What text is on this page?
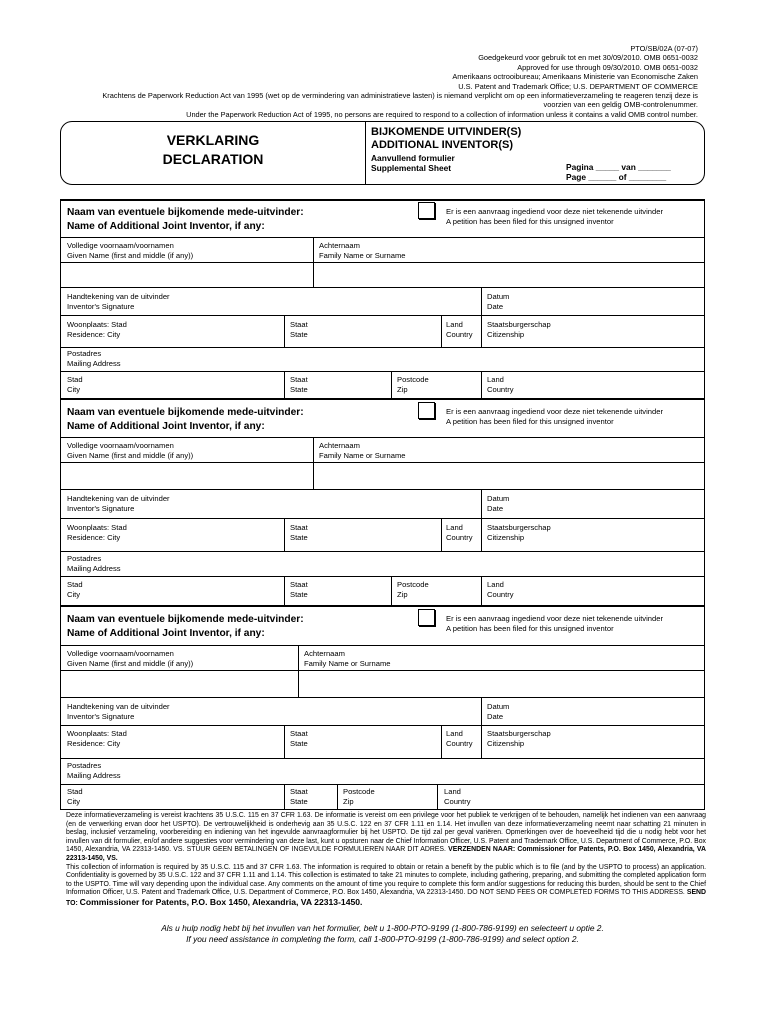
PTO/SB/02A (07-07)
Goedgekeurd voor gebruik tot en met 30/09/2010. OMB 0651-0032
Approved for use through 09/30/2010. OMB 0651-0032
Amerikaans octrooibureau; Amerikaans Ministerie van Economische Zaken
U.S. Patent and Trademark Office; U.S. DEPARTMENT OF COMMERCE
Krachtens de Paperwork Reduction Act van 1995 (wet op de vermindering van administratieve lasten) is niemand verplicht om op een informatieverzameling te reageren tenzij deze is
voorzien van een geldig OMB-controlenummer.
Under the Paperwork Reduction Act of 1995, no persons are required to respond to a collection of information unless it contains a valid OMB control number.
VERKLARING
DECLARATION
BIJKOMENDE UITVINDER(S)
ADDITIONAL INVENTOR(S)
Aanvullend formulier
Supplemental Sheet	Pagina _____ van _______
Page ______ of ________
Naam van eventuele bijkomende mede-uitvinder:
Name of Additional Joint Inventor, if any:
Er is een aanvraag ingediend voor deze niet tekenende uitvinder
A petition has been filed for this unsigned inventor
Volledige voornaam/voornamen
Given Name (first and middle (if any))
Achternaam
Family Name or Surname
Handtekening van de uitvinder
Inventor's Signature
Datum
Date
Woonplaats: Stad
Residence: City
Staat
State
Land
Country
Staatsburgerschap
Citizenship
Postadres
Mailing Address
Stad
City
Staat
State
Postcode
Zip
Land
Country
Naam van eventuele bijkomende mede-uitvinder:
Name of Additional Joint Inventor, if any:
Er is een aanvraag ingediend voor deze niet tekenende uitvinder
A petition has been filed for this unsigned inventor
Volledige voornaam/voornamen
Given Name (first and middle (if any))
Achternaam
Family Name or Surname
Handtekening van de uitvinder
Inventor's Signature
Datum
Date
Woonplaats: Stad
Residence: City
Staat
State
Land
Country
Staatsburgerschap
Citizenship
Postadres
Mailing Address
Stad
City
Staat
State
Postcode
Zip
Land
Country
Naam van eventuele bijkomende mede-uitvinder:
Name of Additional Joint Inventor, if any:
Er is een aanvraag ingediend voor deze niet tekenende uitvinder
A petition has been filed for this unsigned inventor
Volledige voornaam/voornamen
Given Name (first and middle (if any))
Achternaam
Family Name or Surname
Handtekening van de uitvinder
Inventor's Signature
Datum
Date
Woonplaats: Stad
Residence: City
Staat
State
Land
Country
Staatsburgerschap
Citizenship
Postadres
Mailing Address
Stad
City
Staat
State
Postcode
Zip
Land
Country

Deze informatieverzameling is vereist krachtens 35 U.S.C. 115 en 37 CFR 1.63. De informatie is vereist om een privilege voor het publiek te verkrijgen of te behouden, namelijk het indienen van een aanvraag (en de verwerking ervan door het USPTO). De vertrouwelijkheid is onderhevig aan 35 U.S.C. 122 en 37 CFR 1.11 en 1.14. Het invullen van deze informatieverzameling neemt naar schatting 21 minuten in beslag, inclusief verzameling, voorbereiding en indiening van het ingevulde aanvraagformulier bij het USPTO. De tijd zal per geval variëren. Opmerkingen over de hoeveelheid tijd die u nodig hebt voor het invullen van dit formulier, en/of andere suggesties voor vermindering van deze last, kunt u opsturen naar de Chief Information Officer, U.S. Patent and Trademark Office, U.S. Department of Commerce, P.O. Box 1450, Alexandria, VA 22313-1450. VS. STUUR GEEN BETALINGEN OF INGEVULDE FORMULIEREN NAAR DIT ADRES. VERZENDEN NAAR: Commissioner for Patents, P.O. Box 1450, Alexandria, VA 22313-1450, VS.

This collection of information is required by 35 U.S.C. 115 and 37 CFR 1.63. The information is required to obtain or retain a benefit by the public which is to file (and by the USPTO to process) an application. Confidentiality is governed by 35 U.S.C. 122 and 37 CFR 1.11 and 1.14. This collection is estimated to take 21 minutes to complete, including gathering, preparing, and submitting the completed application form to the USPTO. Time will vary depending upon the individual case. Any comments on the amount of time you require to complete this form and/or suggestions for reducing this burden, should be sent to the Chief Information Officer, U.S. Patent and Trademark Office, U.S. Department of Commerce, P.O. Box 1450, Alexandria, VA 22313-1450. DO NOT SEND FEES OR COMPLETED FORMS TO THIS ADDRESS. SEND TO: Commissioner for Patents, P.O. Box 1450, Alexandria, VA 22313-1450.

Als u hulp nodig hebt bij het invullen van het formulier, belt u 1-800-PTO-9199 (1-800-786-9199) en selecteert u optie 2.
If you need assistance in completing the form, call 1-800-PTO-9199 (1-800-786-9199) and select option 2.
